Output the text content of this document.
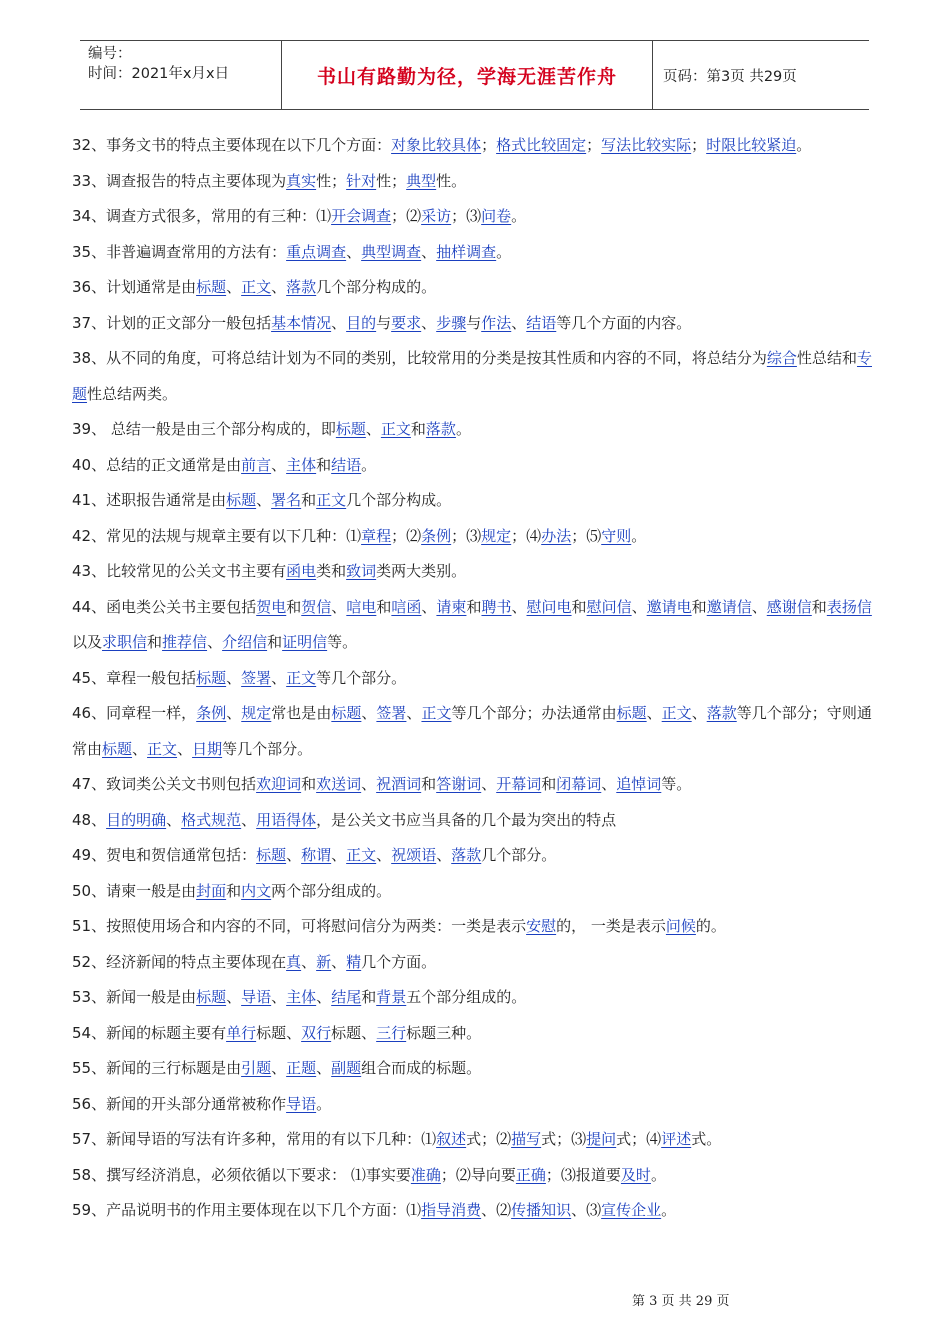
编号：
时间：2021年x月x日	书山有路勤为径，学海无涯苦作舟	页码：第3页 共29页

32、事务文书的特点主要体现在以下几个方面：对象比较具体；格式比较固定；写法比较实际；时限比较紧迫。

33、调查报告的特点主要体现为真实性；针对性；典型性。

34、调查方式很多，常用的有三种：⑴开会调查；⑵采访；⑶问卷。

35、非普遍调查常用的方法有：重点调查、典型调查、抽样调查。

36、计划通常是由标题、正文、落款几个部分构成的。

37、计划的正文部分一般包括基本情况、目的与要求、步骤与作法、结语等几个方面的内容。

38、从不同的角度，可将总结计划为不同的类别，比较常用的分类是按其性质和内容的不同，将总结分为综合性总结和专题性总结两类。

39、 总结一般是由三个部分构成的，即标题、正文和落款。

40、总结的正文通常是由前言、主体和结语。

41、述职报告通常是由标题、署名和正文几个部分构成。

42、常见的法规与规章主要有以下几种：⑴章程；⑵条例；⑶规定；⑷办法；⑸守则。

43、比较常见的公关文书主要有函电类和致词类两大类别。

44、函电类公关书主要包括贺电和贺信、唁电和唁函、请柬和聘书、慰问电和慰问信、邀请电和邀请信、感谢信和表扬信以及求职信和推荐信、介绍信和证明信等。

45、章程一般包括标题、签署、正文等几个部分。

46、同章程一样，条例、规定常也是由标题、签署、正文等几个部分；办法通常由标题、正文、落款等几个部分；守则通常由标题、正文、日期等几个部分。

47、致词类公关文书则包括欢迎词和欢送词、祝酒词和答谢词、开幕词和闭幕词、追悼词等。

48、目的明确、格式规范、用语得体，是公关文书应当具备的几个最为突出的特点

49、贺电和贺信通常包括：标题、称谓、正文、祝颂语、落款几个部分。

50、请柬一般是由封面和内文两个部分组成的。

51、按照使用场合和内容的不同，可将慰问信分为两类：一类是表示安慰的， 一类是表示问候的。

52、经济新闻的特点主要体现在真、新、精几个方面。

53、新闻一般是由标题、导语、主体、结尾和背景五个部分组成的。

54、新闻的标题主要有单行标题、双行标题、三行标题三种。

55、新闻的三行标题是由引题、正题、副题组合而成的标题。

56、新闻的开头部分通常被称作导语。

57、新闻导语的写法有许多种，常用的有以下几种：⑴叙述式；⑵描写式；⑶提问式；⑷评述式。

58、撰写经济消息，必须依循以下要求： ⑴事实要准确；⑵导向要正确；⑶报道要及时。

59、产品说明书的作用主要体现在以下几个方面：⑴指导消费、⑵传播知识、⑶宣传企业。

第 3 页 共 29 页
